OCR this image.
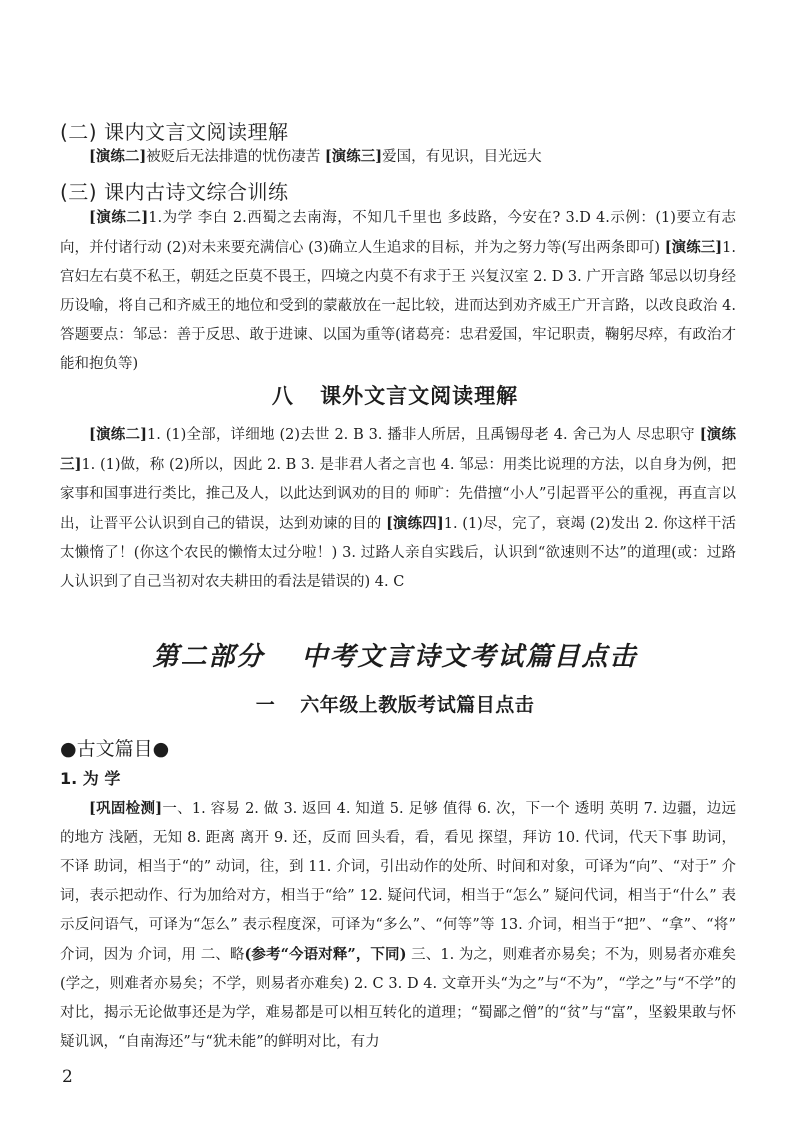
(二) 课内文言文阅读理解

[演练二]被贬后无法排遣的忧伤凄苦 [演练三]爱国，有见识，目光远大

(三) 课内古诗文综合训练

[演练二]1.为学 李白 2.西蜀之去南海，不知几千里也 多歧路，今安在? 3.D 4.示例：(1)要立有志向，并付诸行动 (2)对未来要充满信心 (3)确立人生追求的目标，并为之努力等(写出两条即可) [演练三]1. 宫妇左右莫不私王，朝廷之臣莫不畏王，四境之内莫不有求于王 兴复汉室 2. D 3. 广开言路 邹忌以切身经历设喻，将自己和齐威王的地位和受到的蒙蔽放在一起比较，进而达到劝齐威王广开言路，以改良政治 4. 答题要点：邹忌：善于反思、敢于进谏、以国为重等(诸葛亮：忠君爱国，牢记职责，鞠躬尽瘁，有政治才能和抱负等)

八 课外文言文阅读理解

[演练二]1. (1)全部，详细地 (2)去世 2. B 3. 播非人所居，且禹锡母老 4. 舍己为人 尽忠职守 [演练三]1. (1)做，称 (2)所以，因此 2. B 3. 是非君人者之言也 4. 邹忌：用类比说理的方法，以自身为例，把家事和国事进行类比，推己及人，以此达到讽劝的目的 师旷：先借擅“小人”引起晋平公的重视，再直言以出，让晋平公认识到自己的错误，达到劝谏的目的 [演练四]1. (1)尽，完了，衰竭 (2)发出 2. 你这样干活太懒惰了！(你这个农民的懒惰太过分啦！) 3. 过路人亲自实践后，认识到“欲速则不达”的道理(或：过路人认识到了自己当初对农夫耕田的看法是错误的) 4. C

第二部分 中考文言诗文考试篇目点击
一 六年级上教版考试篇目点击
●古文篇目●
1. 为 学

[巩固检测]一、1. 容易 2. 做 3. 返回 4. 知道 5. 足够 值得 6. 次，下一个 透明 英明 7. 边疆，边远的地方 浅陋，无知 8. 距离 离开 9. 还，反而 回头看，看，看见 探望，拜访 10. 代词，代天下事 助词，不译 助词，相当于“的” 动词，往，到 11. 介词，引出动作的处所、时间和对象，可译为“向”、“对于” 介词，表示把动作、行为加给对方，相当于“给” 12. 疑问代词，相当于“怎么” 疑问代词，相当于“什么” 表示反问语气，可译为“怎么” 表示程度深，可译为“多么”、“何等”等 13. 介词，相当于“把”、“拿”、“将” 介词，因为 介词，用 二、略(参考“今语对释”，下同) 三、1. 为之，则难者亦易矣；不为，则易者亦难矣(学之，则难者亦易矣；不学，则易者亦难矣) 2. C 3. D 4. 文章开头“为之”与“不为”，“学之”与“不学”的对比，揭示无论做事还是为学，难易都是可以相互转化的道理；“蜀鄙之僧”的“贫”与“富”，坚毅果敢与怀疑讥讽，“自南海还”与“犹未能”的鲜明对比，有力

2
